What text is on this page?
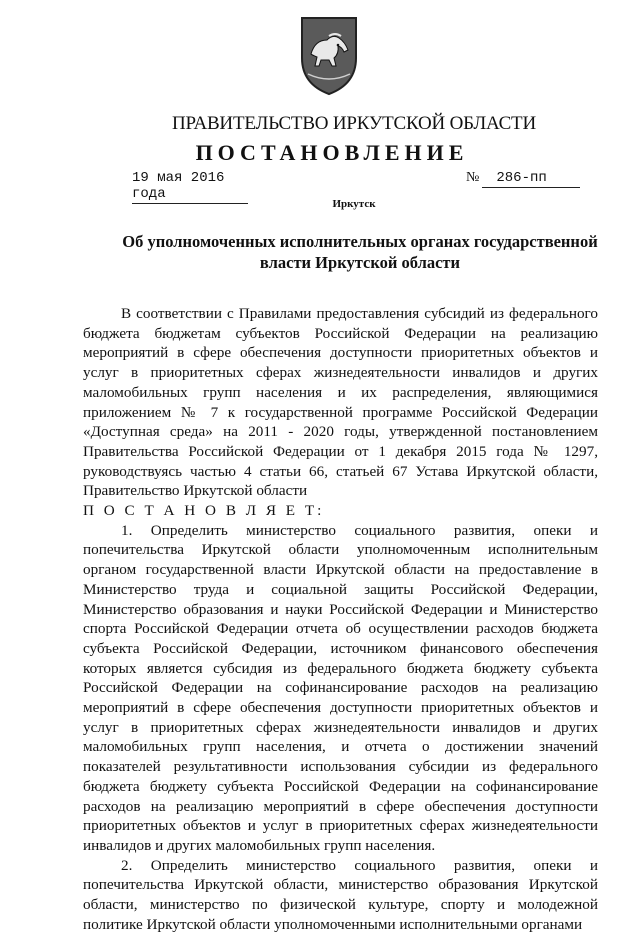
ПРАВИТЕЛЬСТВО ИРКУТСКОЙ ОБЛАСТИ
ПОСТАНОВЛЕНИЕ
19 мая 2016 года
№ 286-пп
Иркутск
Об уполномоченных исполнительных органах государственной власти Иркутской области

В соответствии с Правилами предоставления субсидий из федерального бюджета бюджетам субъектов Российской Федерации на реализацию мероприятий в сфере обеспечения доступности приоритетных объектов и услуг в приоритетных сферах жизнедеятельности инвалидов и других маломобильных групп населения и их распределения, являющимися приложением № 7 к государственной программе Российской Федерации «Доступная среда» на 2011 - 2020 годы, утвержденной постановлением Правительства Российской Федерации от 1 декабря 2015 года № 1297, руководствуясь частью 4 статьи 66, статьей 67 Устава Иркутской области, Правительство Иркутской области

П О С Т А Н О В Л Я Е Т:

1. Определить министерство социального развития, опеки и попечительства Иркутской области уполномоченным исполнительным органом государственной власти Иркутской области на предоставление в Министерство труда и социальной защиты Российской Федерации, Министерство образования и науки Российской Федерации и Министерство спорта Российской Федерации отчета об осуществлении расходов бюджета субъекта Российской Федерации, источником финансового обеспечения которых является субсидия из федерального бюджета бюджету субъекта Российской Федерации на софинансирование расходов на реализацию мероприятий в сфере обеспечения доступности приоритетных объектов и услуг в приоритетных сферах жизнедеятельности инвалидов и других маломобильных групп населения, и отчета о достижении значений показателей результативности использования субсидии из федерального бюджета бюджету субъекта Российской Федерации на софинансирование расходов на реализацию мероприятий в сфере обеспечения доступности приоритетных объектов и услуг в приоритетных сферах жизнедеятельности инвалидов и других маломобильных групп населения.

2. Определить министерство социального развития, опеки и попечительства Иркутской области, министерство образования Иркутской области, министерство по физической культуре, спорту и молодежной политике Иркутской области уполномоченными исполнительными органами
